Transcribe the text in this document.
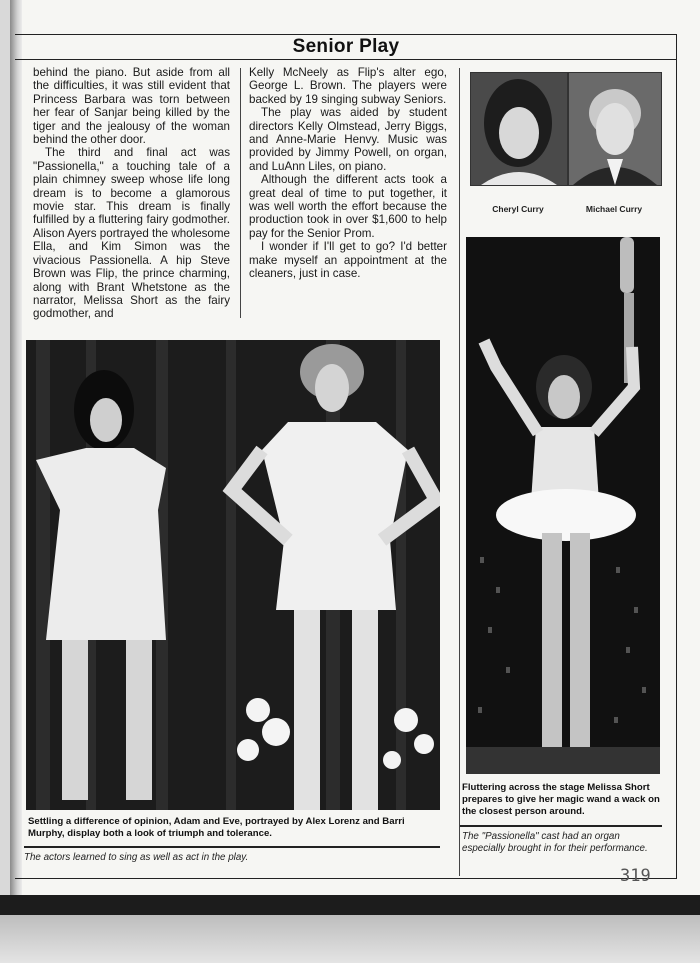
Senior Play

behind the piano. But aside from all the difficulties, it was still evident that Princess Barbara was torn between her fear of Sanjar being killed by the tiger and the jealousy of the woman behind the other door.

The third and final act was "Passionella," a touching tale of a plain chimney sweep whose life long dream is to become a glamorous movie star. This dream is finally fulfilled by a fluttering fairy godmother. Alison Ayers portrayed the wholesome Ella, and Kim Simon was the vivacious Passionella. A hip Steve Brown was Flip, the prince charming, along with Brant Whetstone as the narrator, Melissa Short as the fairy godmother, and

Kelly McNeely as Flip's alter ego, George L. Brown. The players were backed by 19 singing subway Seniors.

The play was aided by student directors Kelly Olmstead, Jerry Biggs, and Anne-Marie Henvy. Music was provided by Jimmy Powell, on organ, and LuAnn Liles, on piano.

Although the different acts took a great deal of time to put together, it was well worth the effort because the production took in over $1,600 to help pay for the Senior Prom.

I wonder if I'll get to go? I'd better make myself an appointment at the cleaners, just in case.

Cheryl Curry	Michael Curry
Settling a difference of opinion, Adam and Eve, portrayed by Alex Lorenz and Barri Murphy, display both a look of triumph and tolerance.
The actors learned to sing as well as act in the play.
Fluttering across the stage Melissa Short prepares to give her magic wand a wack on the closest person around.
The "Passionella" cast had an organ especially brought in for their performance.
319
